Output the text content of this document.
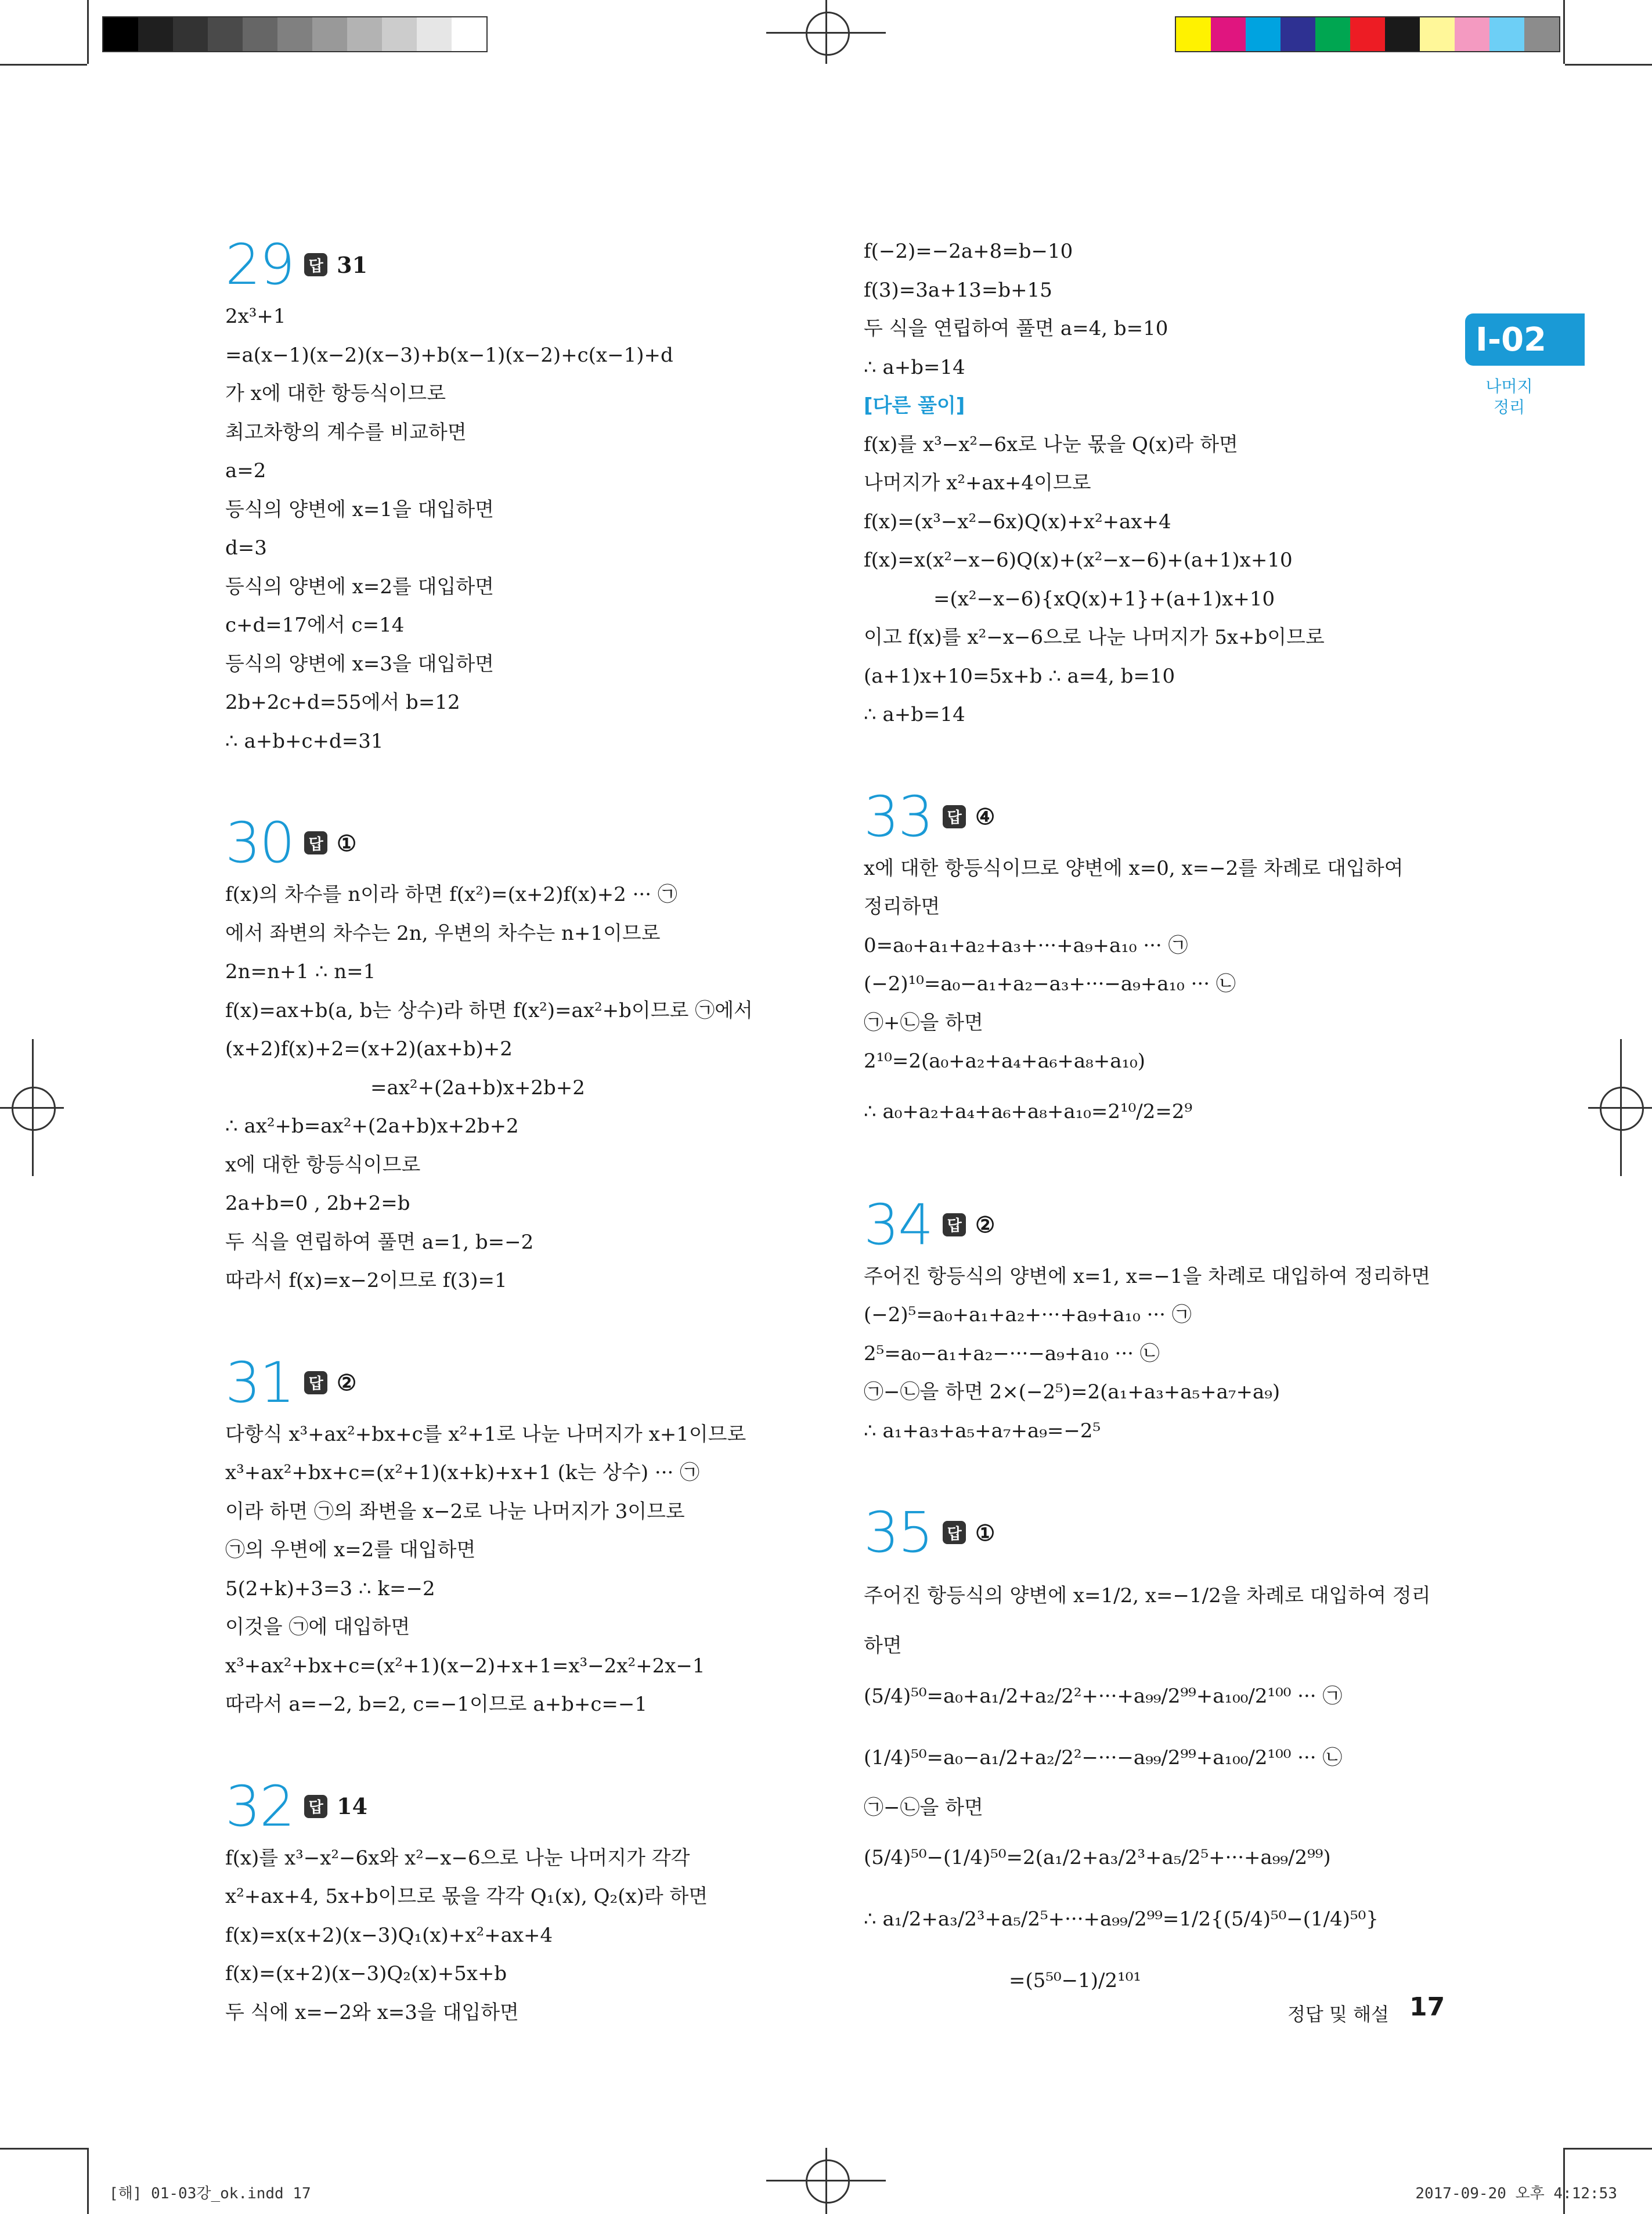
I-02
나머지
정리
29 답 31
2x³+1
=a(x−1)(x−2)(x−3)+b(x−1)(x−2)+c(x−1)+d
가 x에 대한 항등식이므로
최고차항의 계수를 비교하면
a=2
등식의 양변에 x=1을 대입하면
d=3
등식의 양변에 x=2를 대입하면
c+d=17에서 c=14
등식의 양변에 x=3을 대입하면
2b+2c+d=55에서 b=12
∴ a+b+c+d=31
30 답 ①
f(x)의 차수를 n이라 하면 f(x²)=(x+2)f(x)+2 ··· ㉠
에서 좌변의 차수는 2n, 우변의 차수는 n+1이므로
2n=n+1 ∴ n=1
f(x)=ax+b(a, b는 상수)라 하면 f(x²)=ax²+b이므로 ㉠에서
(x+2)f(x)+2=(x+2)(ax+b)+2
=ax²+(2a+b)x+2b+2
∴ ax²+b=ax²+(2a+b)x+2b+2
x에 대한 항등식이므로
2a+b=0 , 2b+2=b
두 식을 연립하여 풀면 a=1, b=−2
따라서 f(x)=x−2이므로 f(3)=1
31 답 ②
다항식 x³+ax²+bx+c를 x²+1로 나눈 나머지가 x+1이므로
x³+ax²+bx+c=(x²+1)(x+k)+x+1 (k는 상수) ··· ㉠
이라 하면 ㉠의 좌변을 x−2로 나눈 나머지가 3이므로
㉠의 우변에 x=2를 대입하면
5(2+k)+3=3 ∴ k=−2
이것을 ㉠에 대입하면
x³+ax²+bx+c=(x²+1)(x−2)+x+1=x³−2x²+2x−1
따라서 a=−2, b=2, c=−1이므로 a+b+c=−1
32 답 14
f(x)를 x³−x²−6x와 x²−x−6으로 나눈 나머지가 각각
x²+ax+4, 5x+b이므로 몫을 각각 Q₁(x), Q₂(x)라 하면
f(x)=x(x+2)(x−3)Q₁(x)+x²+ax+4
f(x)=(x+2)(x−3)Q₂(x)+5x+b
두 식에 x=−2와 x=3을 대입하면
f(−2)=−2a+8=b−10
f(3)=3a+13=b+15
두 식을 연립하여 풀면 a=4, b=10
∴ a+b=14
[다른 풀이]
f(x)를 x³−x²−6x로 나눈 몫을 Q(x)라 하면
나머지가 x²+ax+4이므로
f(x)=(x³−x²−6x)Q(x)+x²+ax+4
f(x)=x(x²−x−6)Q(x)+(x²−x−6)+(a+1)x+10
=(x²−x−6){xQ(x)+1}+(a+1)x+10
이고 f(x)를 x²−x−6으로 나눈 나머지가 5x+b이므로
(a+1)x+10=5x+b ∴ a=4, b=10
∴ a+b=14
33 답 ④
x에 대한 항등식이므로 양변에 x=0, x=−2를 차례로 대입하여
정리하면
0=a₀+a₁+a₂+a₃+···+a₉+a₁₀ ··· ㉠
(−2)¹⁰=a₀−a₁+a₂−a₃+···−a₉+a₁₀ ··· ㉡
㉠+㉡을 하면
2¹⁰=2(a₀+a₂+a₄+a₆+a₈+a₁₀)
∴ a₀+a₂+a₄+a₆+a₈+a₁₀=2¹⁰/2=2⁹
34 답 ②
주어진 항등식의 양변에 x=1, x=−1을 차례로 대입하여 정리하면
(−2)⁵=a₀+a₁+a₂+···+a₉+a₁₀ ··· ㉠
2⁵=a₀−a₁+a₂−···−a₉+a₁₀ ··· ㉡
㉠−㉡을 하면 2×(−2⁵)=2(a₁+a₃+a₅+a₇+a₉)
∴ a₁+a₃+a₅+a₇+a₉=−2⁵
35 답 ①
주어진 항등식의 양변에 x=1/2, x=−1/2을 차례로 대입하여 정리
하면
(5/4)⁵⁰=a₀+a₁/2+a₂/2²+···+a₉₉/2⁹⁹+a₁₀₀/2¹⁰⁰ ··· ㉠
(1/4)⁵⁰=a₀−a₁/2+a₂/2²−···−a₉₉/2⁹⁹+a₁₀₀/2¹⁰⁰ ··· ㉡
㉠−㉡을 하면
(5/4)⁵⁰−(1/4)⁵⁰=2(a₁/2+a₃/2³+a₅/2⁵+···+a₉₉/2⁹⁹)
∴ a₁/2+a₃/2³+a₅/2⁵+···+a₉₉/2⁹⁹=1/2{(5/4)⁵⁰−(1/4)⁵⁰}
=(5⁵⁰−1)/2¹⁰¹
정답 및 해설 17
[해] 01-03강_ok.indd 17	2017-09-20 오후 4:12:53
